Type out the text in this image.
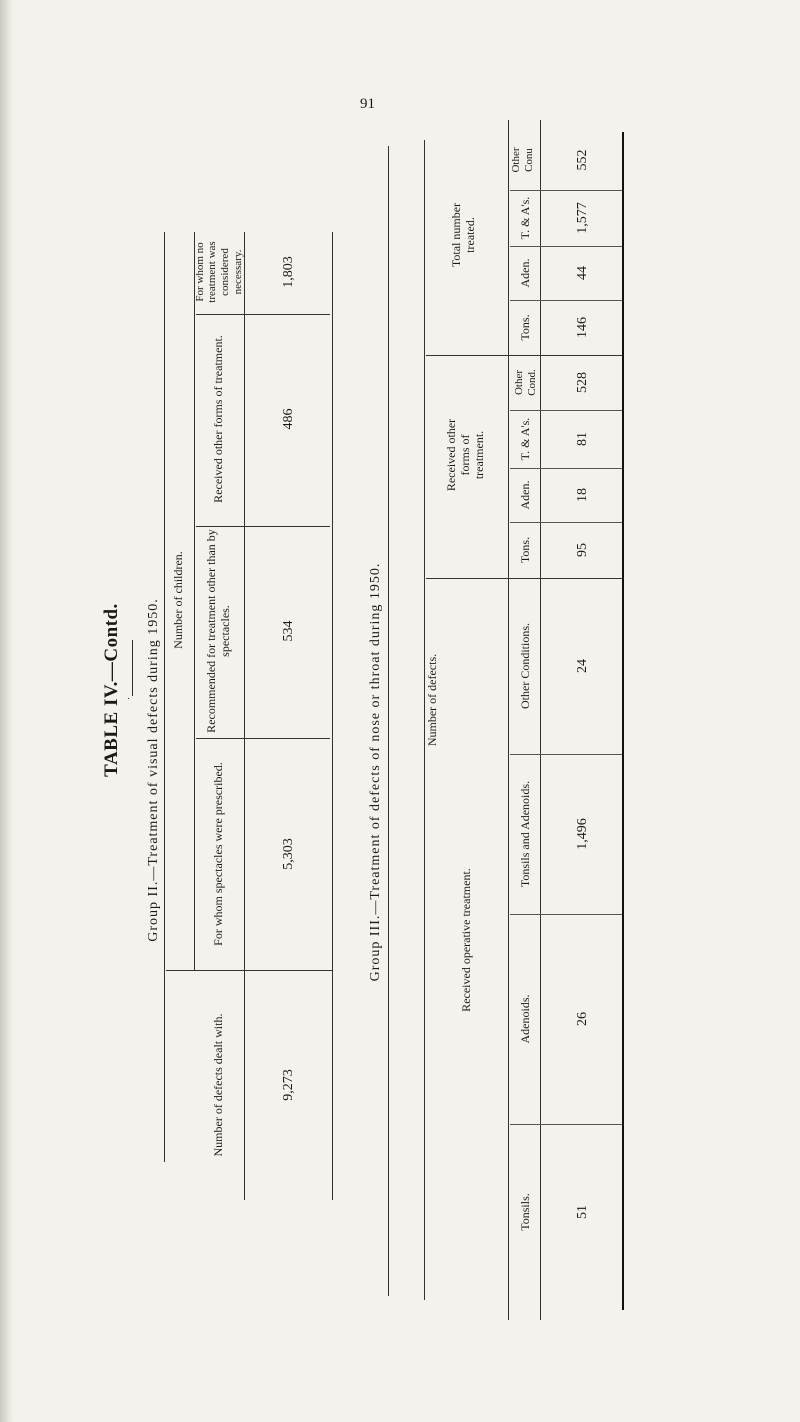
91
TABLE IV.—Contd. Group II.—Treatment of visual defects during 1950. Number of children.
Number of defects dealt with.	9,273
For whom spectacles were prescribed.	5,303
Recommended for treatment other than by spectacles.	534
Received other forms of treatment.	486
For whom no treatment was considered necessary.	1,803
Group III.—Treatment of defects of nose or throat during 1950.	Number of defects.
Received operative treatment.
Received other forms of treatment.
Total number treated.
Tonsils.	51
Adenoids.	26
Tonsils and Adenoids.	1,496
Other Conditions.	24
Tons.	95
Aden.	18
T. & A's.	81
Other Cond.	528
Tons.	146
Aden.	44
T. & A's.	1,577
Other Conu	552
